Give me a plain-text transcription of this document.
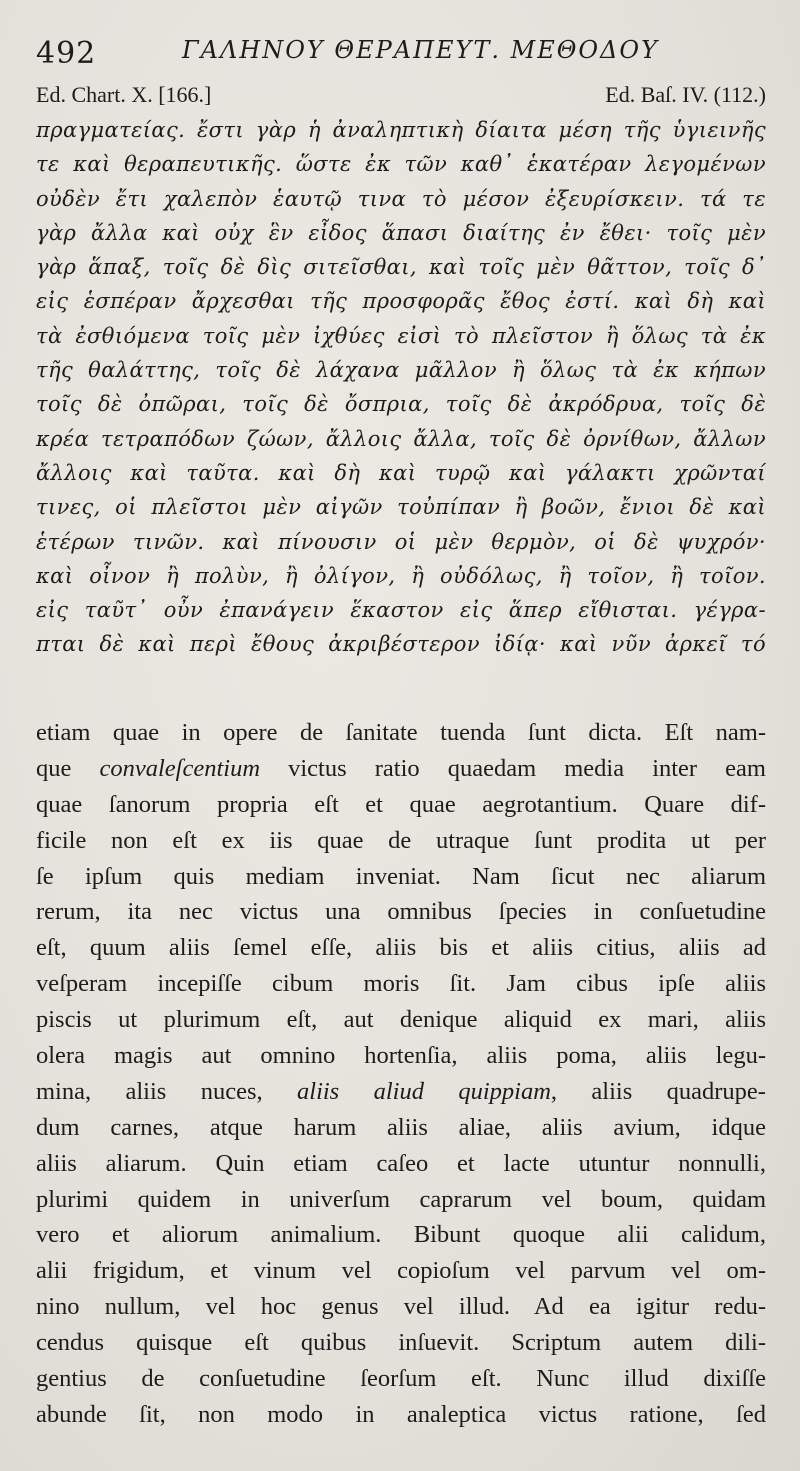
492	ΓΑΛΗΝΟΥ ΘΕΡΑΠΕΥΤ. ΜΕΘΟΔΟΥ
Ed. Chart. X. [166.]	Ed. Baſ. IV. (112.)
πραγματείας. ἔστι γὰρ ἡ ἀναληπτικὴ δίαιτα μέση τῆς ὑγιεινῆς
τε καὶ θεραπευτικῆς. ὥστε ἐκ τῶν καθ᾽ ἑκατέραν λεγομένων
οὐδὲν ἔτι χαλεπὸν ἑαυτῷ τινα τὸ μέσον ἐξευρίσκειν. τά τε
γὰρ ἄλλα καὶ οὐχ ἓν εἶδος ἅπασι διαίτης ἐν ἔθει· τοῖς μὲν
γὰρ ἅπαξ, τοῖς δὲ δὶς σιτεῖσθαι, καὶ τοῖς μὲν θᾶττον, τοῖς δ᾽
εἰς ἑσπέραν ἄρχεσθαι τῆς προσφορᾶς ἔθος ἐστί. καὶ δὴ καὶ
τὰ ἐσθιόμενα τοῖς μὲν ἰχθύες εἰσὶ τὸ πλεῖστον ἢ ὅλως τὰ ἐκ
τῆς θαλάττης, τοῖς δὲ λάχανα μᾶλλον ἢ ὅλως τὰ ἐκ κήπων
τοῖς δὲ ὀπῶραι, τοῖς δὲ ὄσπρια, τοῖς δὲ ἀκρόδρυα, τοῖς δὲ
κρέα τετραπόδων ζώων, ἄλλοις ἄλλα, τοῖς δὲ ὀρνίθων, ἄλλων
ἄλλοις καὶ ταῦτα. καὶ δὴ καὶ τυρῷ καὶ γάλακτι χρῶνταί
τινες, οἱ πλεῖστοι μὲν αἰγῶν τοὐπίπαν ἢ βοῶν, ἔνιοι δὲ καὶ
ἑτέρων τινῶν. καὶ πίνουσιν οἱ μὲν θερμὸν, οἱ δὲ ψυχρόν·
καὶ οἶνον ἢ πολὺν, ἢ ὀλίγον, ἢ οὐδόλως, ἢ τοῖον, ἢ τοῖον.
εἰς ταῦτ᾽ οὖν ἐπανάγειν ἕκαστον εἰς ἅπερ εἴθισται. γέγρα-
πται δὲ καὶ περὶ ἔθους ἀκριβέστερον ἰδίᾳ· καὶ νῦν ἀρκεῖ τό
etiam quae in opere de ſanitate tuenda ſunt dicta. Eſt nam-
que convaleſcentium victus ratio quaedam media inter eam
quae ſanorum propria eſt et quae aegrotantium. Quare dif-
ficile non eſt ex iis quae de utraque ſunt prodita ut per
ſe ipſum quis mediam inveniat. Nam ſicut nec aliarum
rerum, ita nec victus una omnibus ſpecies in conſuetudine
eſt, quum aliis ſemel eſſe, aliis bis et aliis citius, aliis ad
veſperam incepiſſe cibum moris ſit. Jam cibus ipſe aliis
piscis ut plurimum eſt, aut denique aliquid ex mari, aliis
olera magis aut omnino hortenſia, aliis poma, aliis legu-
mina, aliis nuces, aliis aliud quippiam, aliis quadrupe-
dum carnes, atque harum aliis aliae, aliis avium, idque
aliis aliarum. Quin etiam caſeo et lacte utuntur nonnulli,
plurimi quidem in univerſum caprarum vel boum, quidam
vero et aliorum animalium. Bibunt quoque alii calidum,
alii frigidum, et vinum vel copioſum vel parvum vel om-
nino nullum, vel hoc genus vel illud. Ad ea igitur redu-
cendus quisque eſt quibus inſuevit. Scriptum autem dili-
gentius de conſuetudine ſeorſum eſt. Nunc illud dixiſſe
abunde ſit, non modo in analeptica victus ratione, ſed
